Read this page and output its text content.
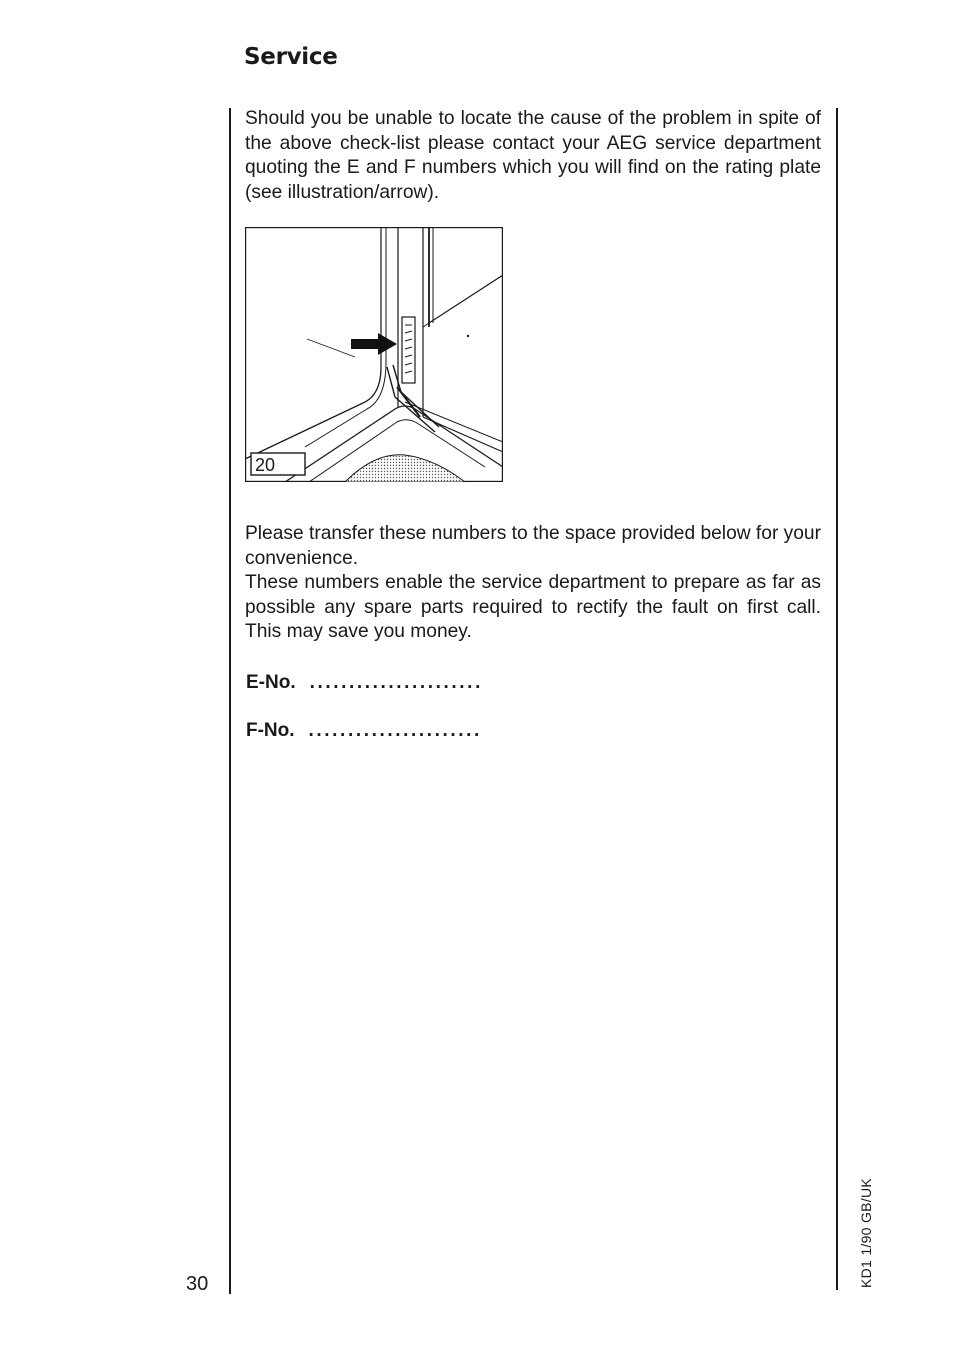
Service

Should you be unable to locate the cause of the problem in spite of the above check-list please contact your AEG service department quoting the E and F numbers which you will find on the rating plate (see illustration/arrow).

20

Please transfer these numbers to the space provided below for your convenience.
These numbers enable the service department to prepare as far as possible any spare parts required to rectify the fault on first call. This may save you money.

E-No. ......................
F-No. ......................
30	KD1 1/90 GB/UK
